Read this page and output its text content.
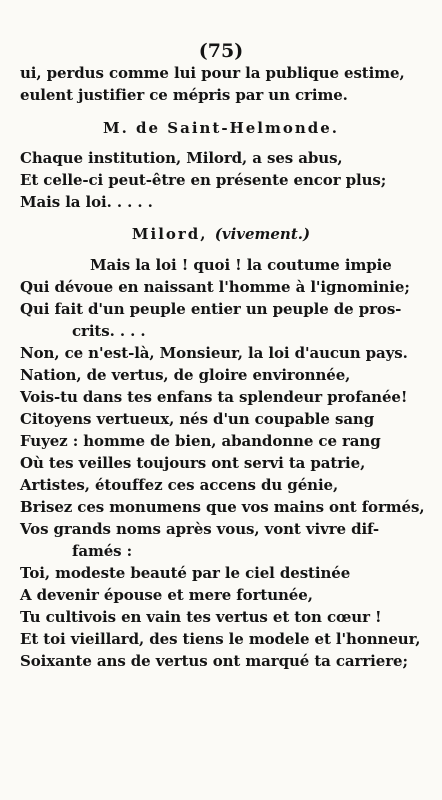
(75)
ui, perdus comme lui pour la publique estime,
eulent justifier ce mépris par un crime.
M. de Saint-Helmonde.
Chaque institution, Milord, a ses abus,
Et celle-ci peut-être en présente encor plus;
Mais la loi. . . . .
Milord, (vivement.)
Mais la loi ! quoi ! la coutume impie
Qui dévoue en naissant l'homme à l'ignominie;
Qui fait d'un peuple entier un peuple de pros-
crits. . . .
Non, ce n'est-là, Monsieur, la loi d'aucun pays.
Nation, de vertus, de gloire environnée,
Vois-tu dans tes enfans ta splendeur profanée!
Citoyens vertueux, nés d'un coupable sang
Fuyez : homme de bien, abandonne ce rang
Où tes veilles toujours ont servi ta patrie,
Artistes, étouffez ces accens du génie,
Brisez ces monumens que vos mains ont formés,
Vos grands noms après vous, vont vivre dif-
famés :
Toi, modeste beauté par le ciel destinée
A devenir épouse et mere fortunée,
Tu cultivois en vain tes vertus et ton cœur !
Et toi vieillard, des tiens le modele et l'honneur,
Soixante ans de vertus ont marqué ta carriere;
